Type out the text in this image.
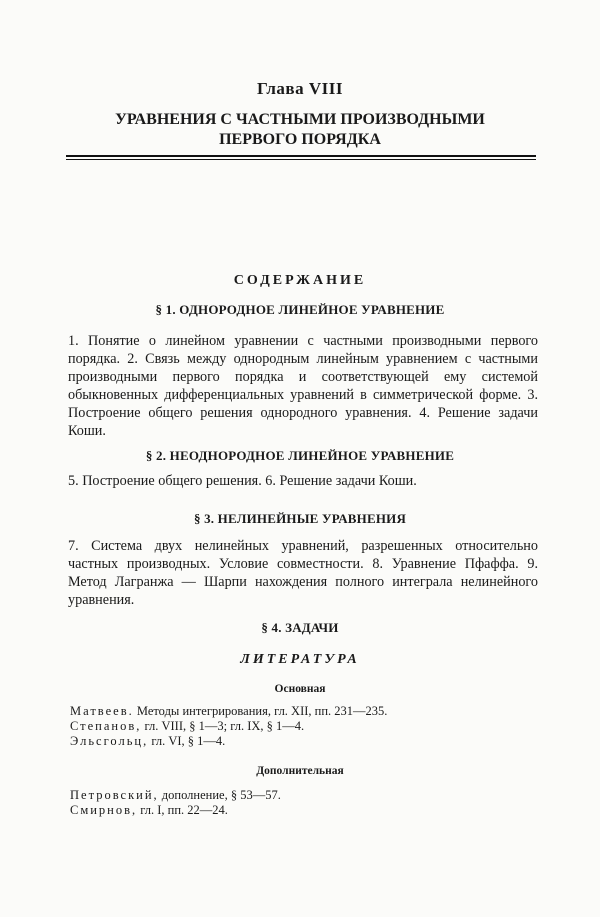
Глава VIII
УРАВНЕНИЯ С ЧАСТНЫМИ ПРОИЗВОДНЫМИ
ПЕРВОГО ПОРЯДКА
СОДЕРЖАНИЕ
§ 1. ОДНОРОДНОЕ ЛИНЕЙНОЕ УРАВНЕНИЕ
1. Понятие о линейном уравнении с частными производными первого порядка. 2. Связь между однородным линейным уравнением с частными производными первого порядка и соответствующей ему системой обыкновенных дифференциальных уравнений в симметрической форме. 3. Построение общего решения однородного уравнения. 4. Решение задачи Коши.
§ 2. НЕОДНОРОДНОЕ ЛИНЕЙНОЕ УРАВНЕНИЕ
5. Построение общего решения. 6. Решение задачи Коши.
§ 3. НЕЛИНЕЙНЫЕ УРАВНЕНИЯ
7. Система двух нелинейных уравнений, разрешенных относительно частных производных. Условие совместности. 8. Уравнение Пфаффа. 9. Метод Лагранжа — Шарпи нахождения полного интеграла нелинейного уравнения.
§ 4. ЗАДАЧИ
ЛИТЕРАТУРА
Основная
Матвеев. Методы интегрирования, гл. XII, пп. 231—235.
Степанов, гл. VIII, § 1—3; гл. IX, § 1—4.
Эльсгольц, гл. VI, § 1—4.
Дополнительная
Петровский, дополнение, § 53—57.
Смирнов, гл. I, пп. 22—24.
